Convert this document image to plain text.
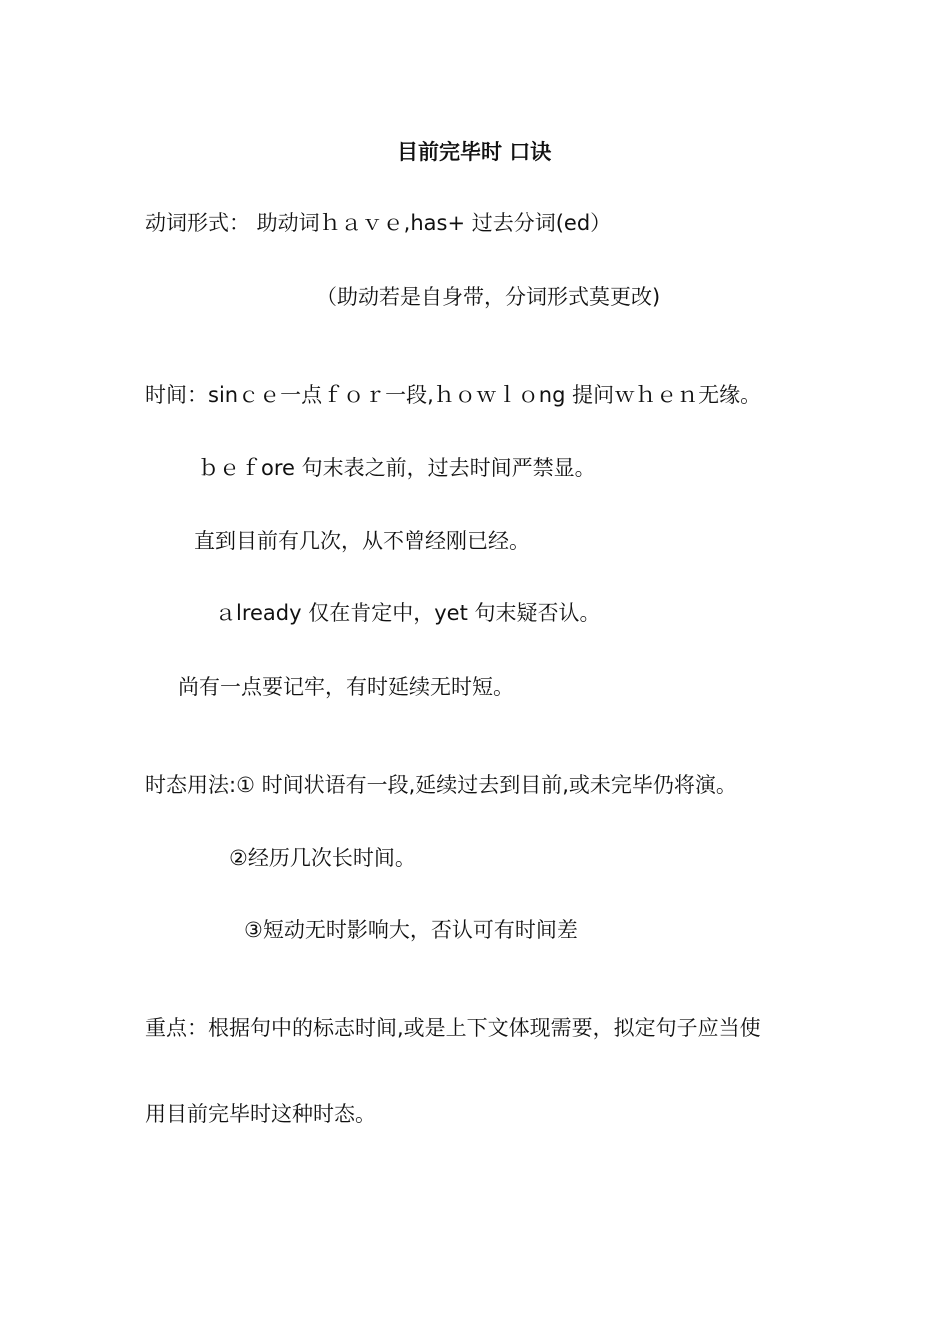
目前完毕时 口诀
动词形式： 助动词ｈａｖｅ,has+ 过去分词(ed）
（助动若是自身带，分词形式莫更改)
时间：sinｃｅ一点ｆｏｒ一段,ｈｏｗｌｏng 提问ｗｈｅｎ无缘。
ｂｅｆore 句末表之前，过去时间严禁显。
直到目前有几次，从不曾经刚已经。
ａlready 仅在肯定中，yet 句末疑否认。
尚有一点要记牢，有时延续无时短。
时态用法:① 时间状语有一段,延续过去到目前,或未完毕仍将演。
②经历几次长时间。
③短动无时影响大，否认可有时间差
重点：根据句中的标志时间,或是上下文体现需要，拟定句子应当使
用目前完毕时这种时态。
